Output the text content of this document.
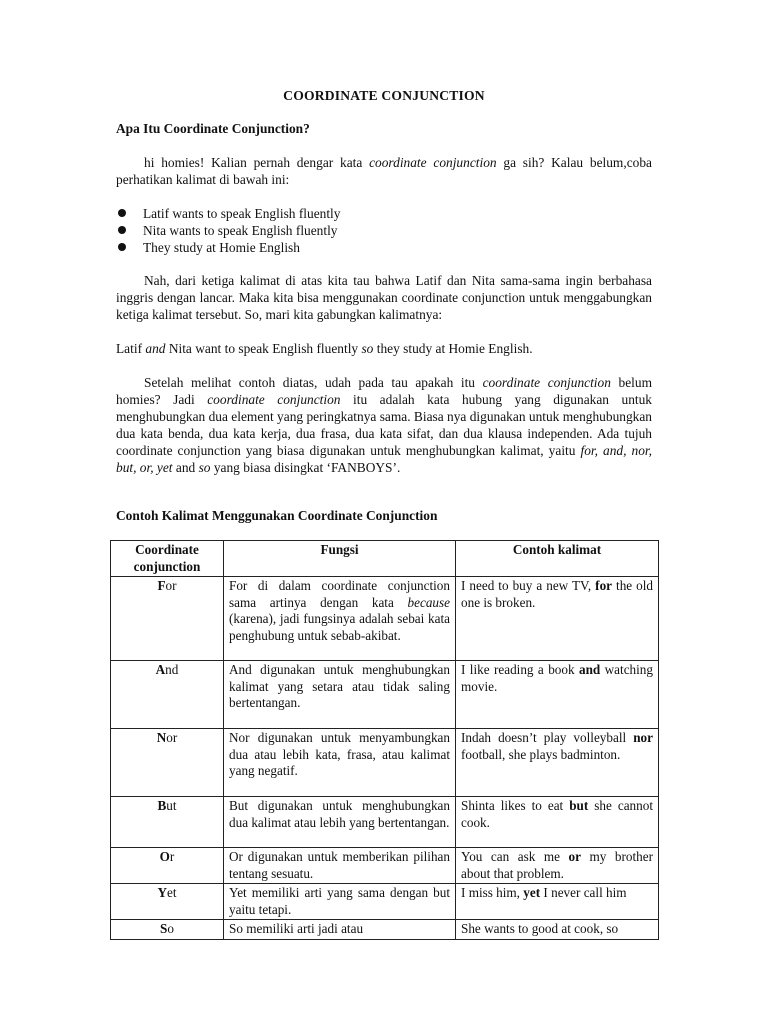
COORDINATE CONJUNCTION
Apa Itu Coordinate Conjunction?
hi homies! Kalian pernah dengar kata coordinate conjunction ga sih? Kalau belum,coba perhatikan kalimat di bawah ini:
Latif wants to speak English fluently
Nita wants to speak English fluently
They study at Homie English
Nah, dari ketiga kalimat di atas kita tau bahwa Latif dan Nita sama-sama ingin berbahasa inggris dengan lancar. Maka kita bisa menggunakan coordinate conjunction untuk menggabungkan ketiga kalimat tersebut. So, mari kita gabungkan kalimatnya:
Latif and Nita want to speak English fluently so they study at Homie English.
Setelah melihat contoh diatas, udah pada tau apakah itu coordinate conjunction belum homies? Jadi coordinate conjunction itu adalah kata hubung yang digunakan untuk menghubungkan dua element yang peringkatnya sama. Biasa nya digunakan untuk menghubungkan dua kata benda, dua kata kerja, dua frasa, dua kata sifat, dan dua klausa independen. Ada tujuh coordinate conjunction yang biasa digunakan untuk menghubungkan kalimat, yaitu for, and, nor, but, or, yet and so yang biasa disingkat ‘FANBOYS’.
Contoh Kalimat Menggunakan Coordinate Conjunction
Coordinate conjunction	Fungsi	Contoh kalimat
For	For di dalam coordinate conjunction sama artinya dengan kata because (karena), jadi fungsinya adalah sebai kata penghubung untuk sebab-akibat.	I need to buy a new TV, for the old one is broken.
And	And digunakan untuk menghubungkan kalimat yang setara atau tidak saling bertentangan.	I like reading a book and watching movie.
Nor	Nor digunakan untuk menyambungkan dua atau lebih kata, frasa, atau kalimat yang negatif.	Indah doesn’t play volleyball nor football, she plays badminton.
But	But digunakan untuk menghubungkan dua kalimat atau lebih yang bertentangan.	Shinta likes to eat but she cannot cook.
Or	Or digunakan untuk memberikan pilihan tentang sesuatu.	You can ask me or my brother about that problem.
Yet	Yet memiliki arti yang sama dengan but yaitu tetapi.	I miss him, yet I never call him
So	So memiliki arti jadi atau	She wants to good at cook, so
